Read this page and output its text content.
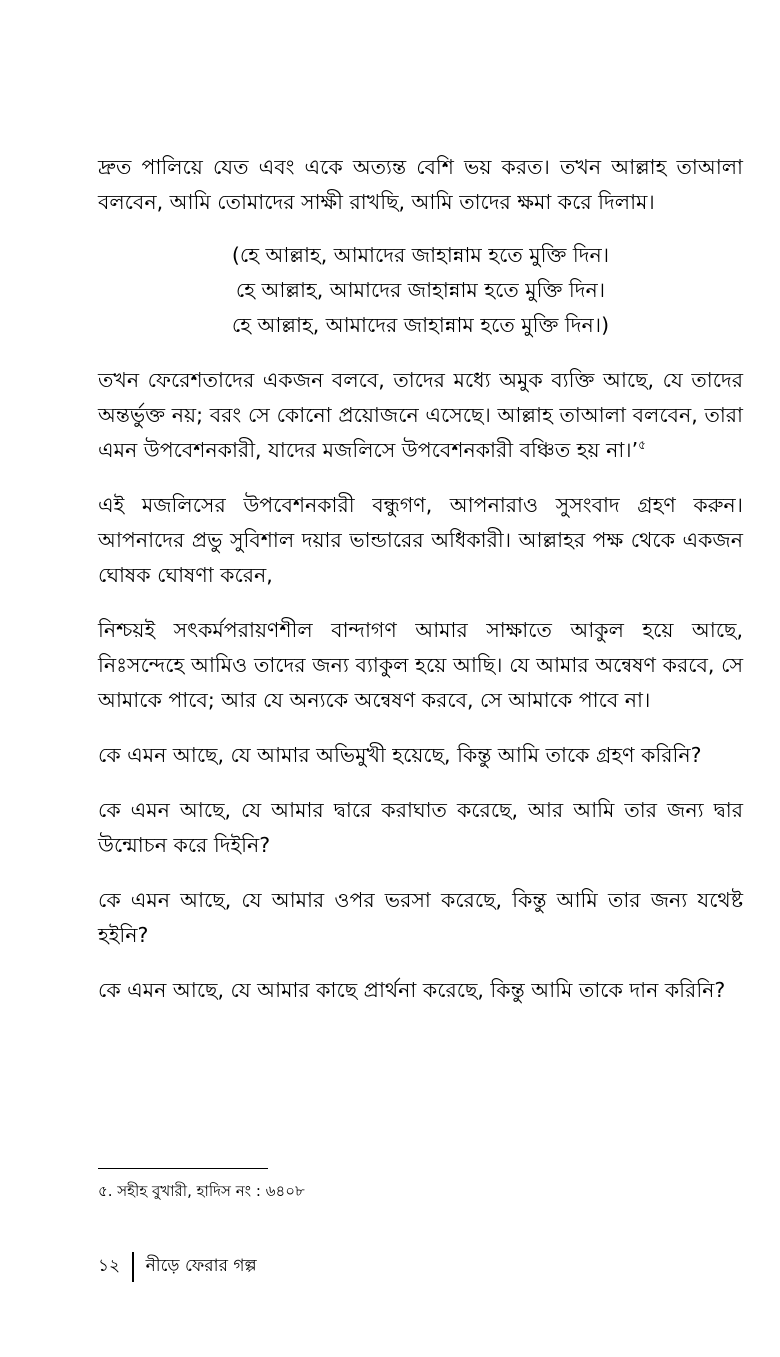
দ্রুত পালিয়ে যেত এবং একে অত্যন্ত বেশি ভয় করত। তখন আল্লাহ তাআলা বলবেন, আমি তোমাদের সাক্ষী রাখছি, আমি তাদের ক্ষমা করে দিলাম।

(হে আল্লাহ, আমাদের জাহান্নাম হতে মুক্তি দিন।
হে আল্লাহ, আমাদের জাহান্নাম হতে মুক্তি দিন।
হে আল্লাহ, আমাদের জাহান্নাম হতে মুক্তি দিন।)

তখন ফেরেশতাদের একজন বলবে, তাদের মধ্যে অমুক ব্যক্তি আছে, যে তাদের অন্তর্ভুক্ত নয়; বরং সে কোনো প্রয়োজনে এসেছে। আল্লাহ তাআলা বলবেন, তারা এমন উপবেশনকারী, যাদের মজলিসে উপবেশনকারী বঞ্চিত হয় না।’$^৫$

এই মজলিসের উপবেশনকারী বন্ধুগণ, আপনারাও সুসংবাদ গ্রহণ করুন। আপনাদের প্রভু সুবিশাল দয়ার ভান্ডারের অধিকারী। আল্লাহর পক্ষ থেকে একজন ঘোষক ঘোষণা করেন,

নিশ্চয়ই সৎকর্মপরায়ণশীল বান্দাগণ আমার সাক্ষাতে আকুল হয়ে আছে, নিঃসন্দেহে আমিও তাদের জন্য ব্যাকুল হয়ে আছি। যে আমার অন্বেষণ করবে, সে আমাকে পাবে; আর যে অন্যকে অন্বেষণ করবে, সে আমাকে পাবে না।

কে এমন আছে, যে আমার অভিমুখী হয়েছে, কিন্তু আমি তাকে গ্রহণ করিনি?

কে এমন আছে, যে আমার দ্বারে করাঘাত করেছে, আর আমি তার জন্য দ্বার উন্মোচন করে দিইনি?

কে এমন আছে, যে আমার ওপর ভরসা করেছে, কিন্তু আমি তার জন্য যথেষ্ট হইনি?

কে এমন আছে, যে আমার কাছে প্রার্থনা করেছে, কিন্তু আমি তাকে দান করিনি?

৫. সহীহ বুখারী, হাদিস নং : ৬৪০৮
১২	নীড়ে ফেরার গল্প
